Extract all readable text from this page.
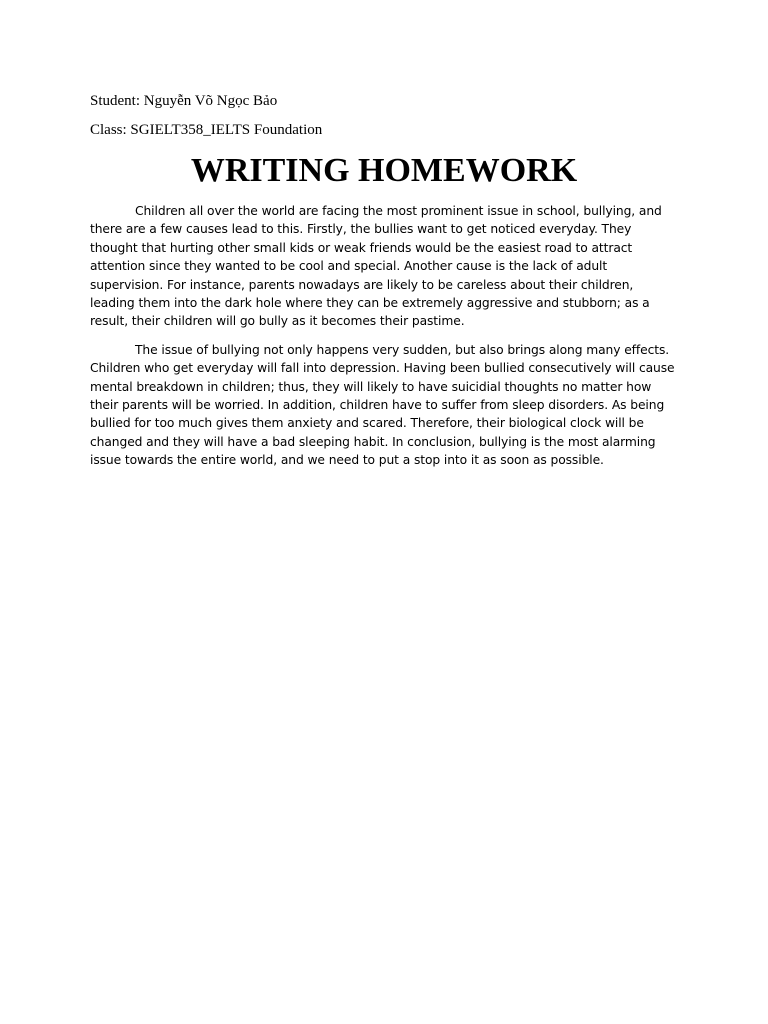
Student: Nguyễn Võ Ngọc Bảo
Class: SGIELT358_IELTS Foundation
WRITING HOMEWORK

Children all over the world are facing the most prominent issue in school, bullying, and there are a few causes lead to this. Firstly, the bullies want to get noticed everyday. They thought that hurting other small kids or weak friends would be the easiest road to attract attention since they wanted to be cool and special. Another cause is the lack of adult supervision. For instance, parents nowadays are likely to be careless about their children, leading them into the dark hole where they can be extremely aggressive and stubborn; as a result, their children will go bully as it becomes their pastime.

The issue of bullying not only happens very sudden, but also brings along many effects. Children who get everyday will fall into depression. Having been bullied consecutively will cause mental breakdown in children; thus, they will likely to have suicidial thoughts no matter how their parents will be worried. In addition, children have to suffer from sleep disorders. As being bullied for too much gives them anxiety and scared. Therefore, their biological clock will be changed and they will have a bad sleeping habit. In conclusion, bullying is the most alarming issue towards the entire world, and we need to put a stop into it as soon as possible.
